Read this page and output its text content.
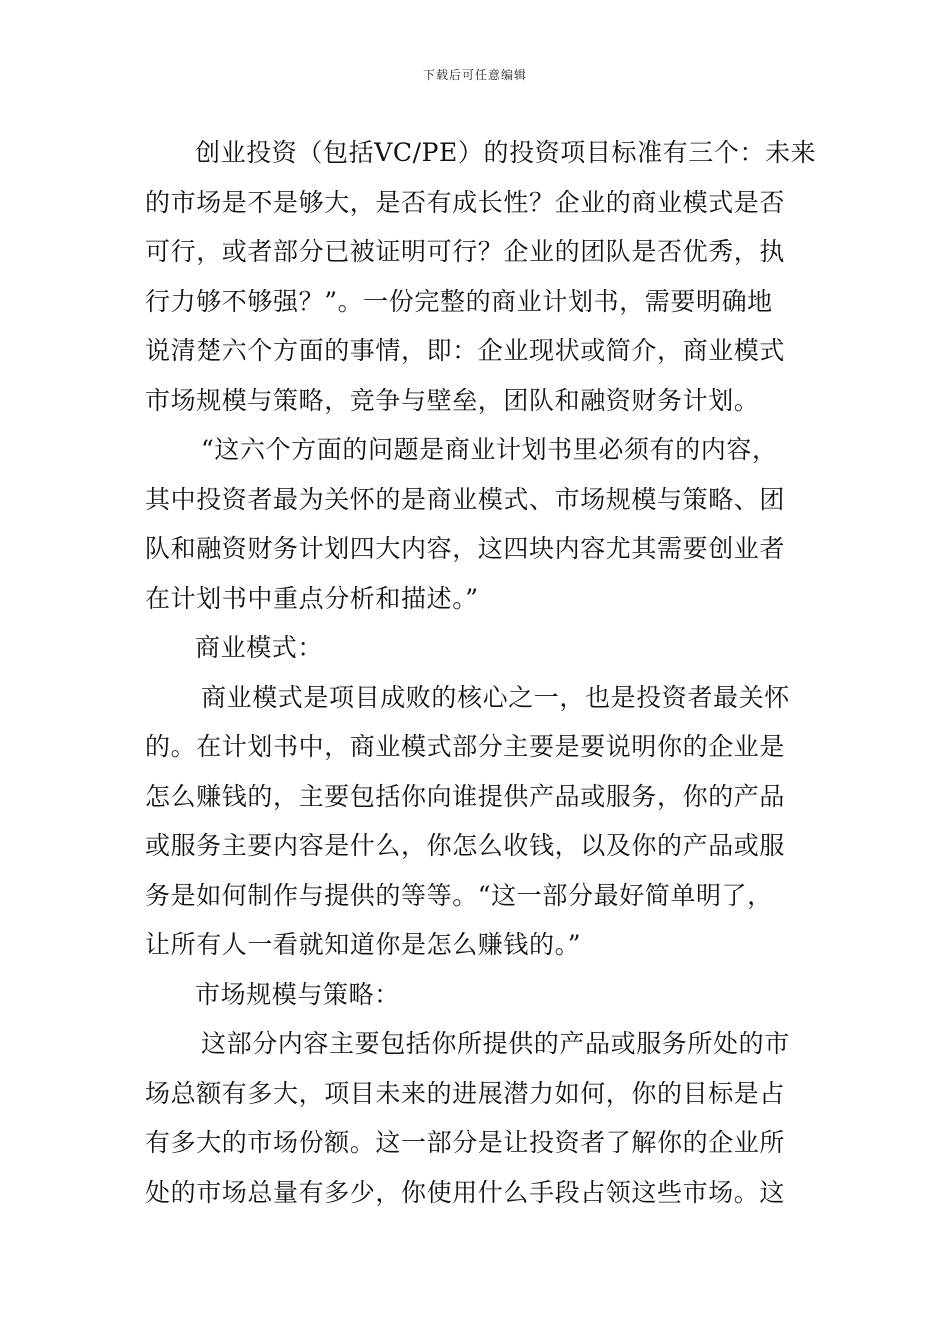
下载后可任意编辑
创业投资（包括VC/PE）的投资项目标准有三个：未来
的市场是不是够大，是否有成长性？企业的商业模式是否
可行，或者部分已被证明可行？企业的团队是否优秀，执
行力够不够强？”。一份完整的商业计划书，需要明确地
说清楚六个方面的事情，即：企业现状或简介，商业模式
市场规模与策略，竞争与壁垒，团队和融资财务计划。
“这六个方面的问题是商业计划书里必须有的内容，
其中投资者最为关怀的是商业模式、市场规模与策略、团
队和融资财务计划四大内容，这四块内容尤其需要创业者
在计划书中重点分析和描述。”
商业模式：
商业模式是项目成败的核心之一，也是投资者最关怀
的。在计划书中，商业模式部分主要是要说明你的企业是
怎么赚钱的，主要包括你向谁提供产品或服务，你的产品
或服务主要内容是什么，你怎么收钱，以及你的产品或服
务是如何制作与提供的等等。“这一部分最好简单明了，
让所有人一看就知道你是怎么赚钱的。”
市场规模与策略：
这部分内容主要包括你所提供的产品或服务所处的市
场总额有多大，项目未来的进展潜力如何，你的目标是占
有多大的市场份额。这一部分是让投资者了解你的企业所
处的市场总量有多少，你使用什么手段占领这些市场。这
